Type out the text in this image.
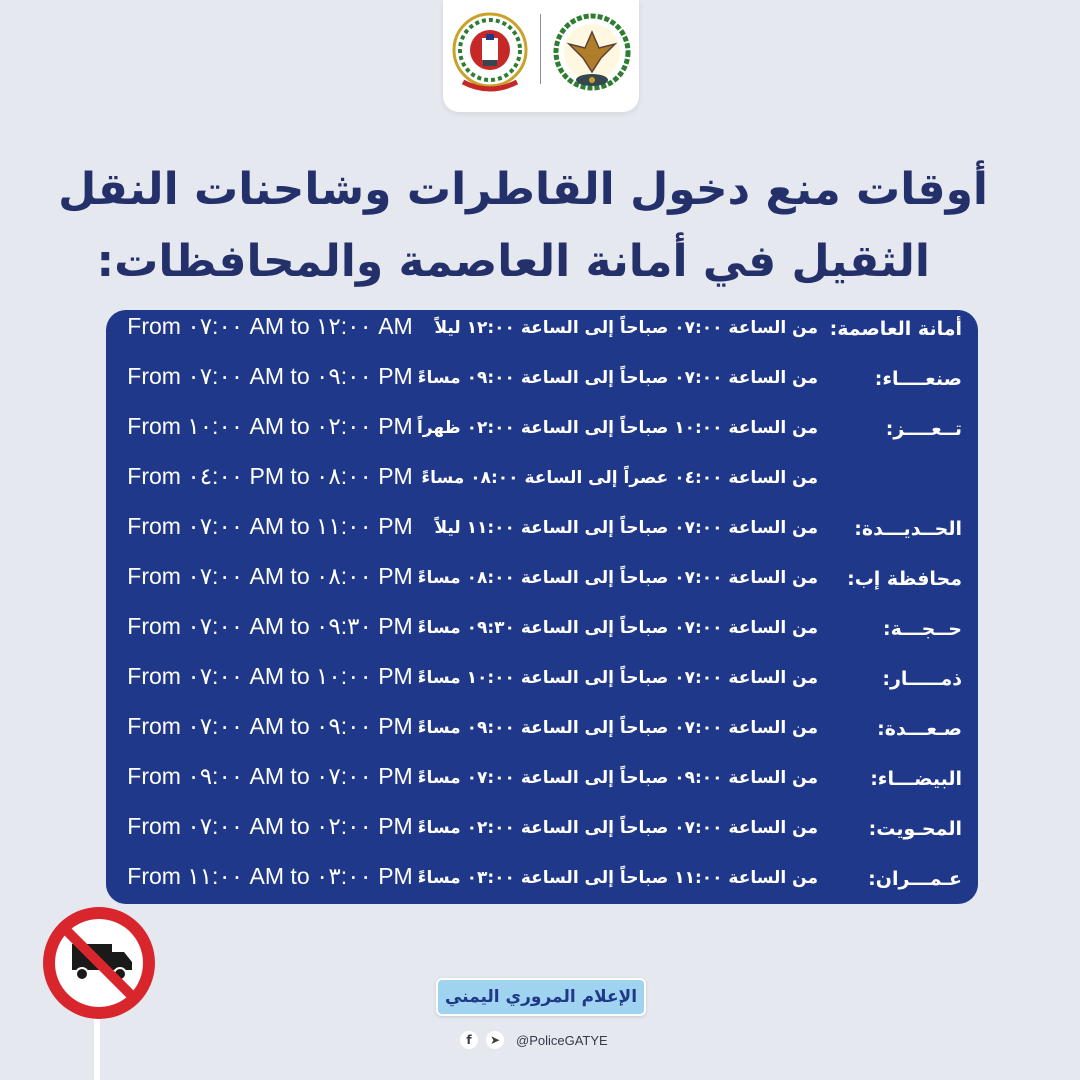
أوقات منع دخول القاطرات وشاحنات النقل
الثقيل في أمانة العاصمة والمحافظات:
أمانة العاصمة:
من الساعة ٠٧:٠٠ صباحاً إلى الساعة ١٢:٠٠ ليلاً
From ٠٧:٠٠ AM to ١٢:٠٠ AM
صنعــــاء:
من الساعة ٠٧:٠٠ صباحاً إلى الساعة ٠٩:٠٠ مساءً
From ٠٧:٠٠ AM to ٠٩:٠٠ PM
تــعــــز:
من الساعة ١٠:٠٠ صباحاً إلى الساعة ٠٢:٠٠ ظهراً
From ١٠:٠٠ AM to ٠٢:٠٠ PM
من الساعة ٠٤:٠٠ عصراً إلى الساعة ٠٨:٠٠ مساءً
From ٠٤:٠٠ PM to ٠٨:٠٠ PM
الحــديـــدة:
من الساعة ٠٧:٠٠ صباحاً إلى الساعة ١١:٠٠ ليلاً
From ٠٧:٠٠ AM to ١١:٠٠ PM
محافظة إب:
من الساعة ٠٧:٠٠ صباحاً إلى الساعة ٠٨:٠٠ مساءً
From ٠٧:٠٠ AM to ٠٨:٠٠ PM
حــجـــة:
من الساعة ٠٧:٠٠ صباحاً إلى الساعة ٠٩:٣٠ مساءً
From ٠٧:٠٠ AM to ٠٩:٣٠ PM
ذمـــــار:
من الساعة ٠٧:٠٠ صباحاً إلى الساعة ١٠:٠٠ مساءً
From ٠٧:٠٠ AM to ١٠:٠٠ PM
صـعـــدة:
من الساعة ٠٧:٠٠ صباحاً إلى الساعة ٠٩:٠٠ مساءً
From ٠٧:٠٠ AM to ٠٩:٠٠ PM
البيضـــاء:
من الساعة ٠٩:٠٠ صباحاً إلى الساعة ٠٧:٠٠ مساءً
From ٠٩:٠٠ AM to ٠٧:٠٠ PM
المحـويت:
من الساعة ٠٧:٠٠ صباحاً إلى الساعة ٠٢:٠٠ مساءً
From ٠٧:٠٠ AM to ٠٢:٠٠ PM
عـمـــران:
من الساعة ١١:٠٠ صباحاً إلى الساعة ٠٣:٠٠ مساءً
From ١١:٠٠ AM to ٠٣:٠٠ PM
الإعلام المروري اليمني
f	➤	@PoliceGATYE
